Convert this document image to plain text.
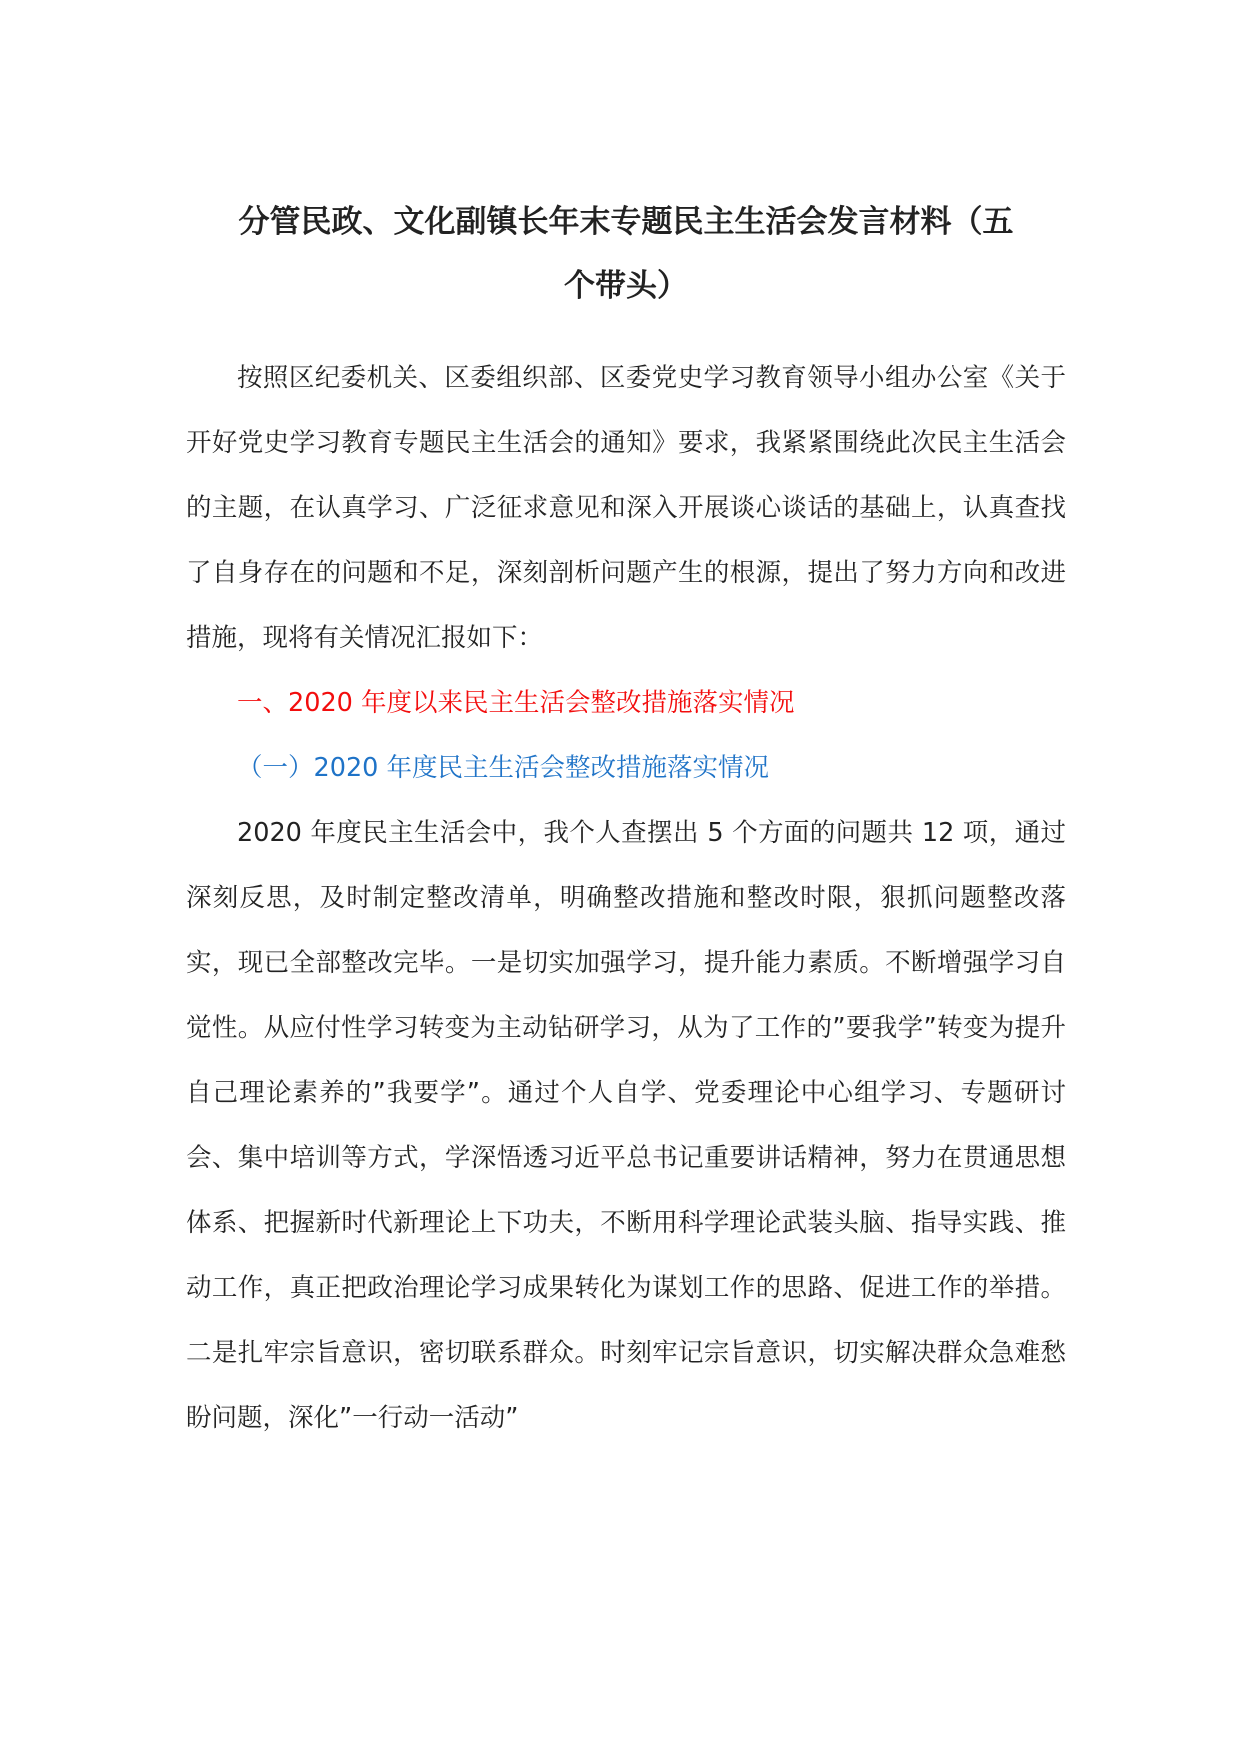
分管民政、文化副镇长年末专题民主生活会发言材料（五
个带头）

按照区纪委机关、区委组织部、区委党史学习教育领导小组办公室《关于开好党史学习教育专题民主生活会的通知》要求，我紧紧围绕此次民主生活会的主题，在认真学习、广泛征求意见和深入开展谈心谈话的基础上，认真查找了自身存在的问题和不足，深刻剖析问题产生的根源，提出了努力方向和改进措施，现将有关情况汇报如下：

一、2020 年度以来民主生活会整改措施落实情况

（一）2020 年度民主生活会整改措施落实情况

2020 年度民主生活会中，我个人查摆出 5 个方面的问题共 12 项，通过深刻反思，及时制定整改清单，明确整改措施和整改时限，狠抓问题整改落实，现已全部整改完毕。一是切实加强学习，提升能力素质。不断增强学习自觉性。从应付性学习转变为主动钻研学习，从为了工作的”要我学”转变为提升自己理论素养的”我要学”。通过个人自学、党委理论中心组学习、专题研讨会、集中培训等方式，学深悟透习近平总书记重要讲话精神，努力在贯通思想体系、把握新时代新理论上下功夫，不断用科学理论武装头脑、指导实践、推动工作，真正把政治理论学习成果转化为谋划工作的思路、促进工作的举措。二是扎牢宗旨意识，密切联系群众。时刻牢记宗旨意识，切实解决群众急难愁盼问题，深化”一行动一活动”
